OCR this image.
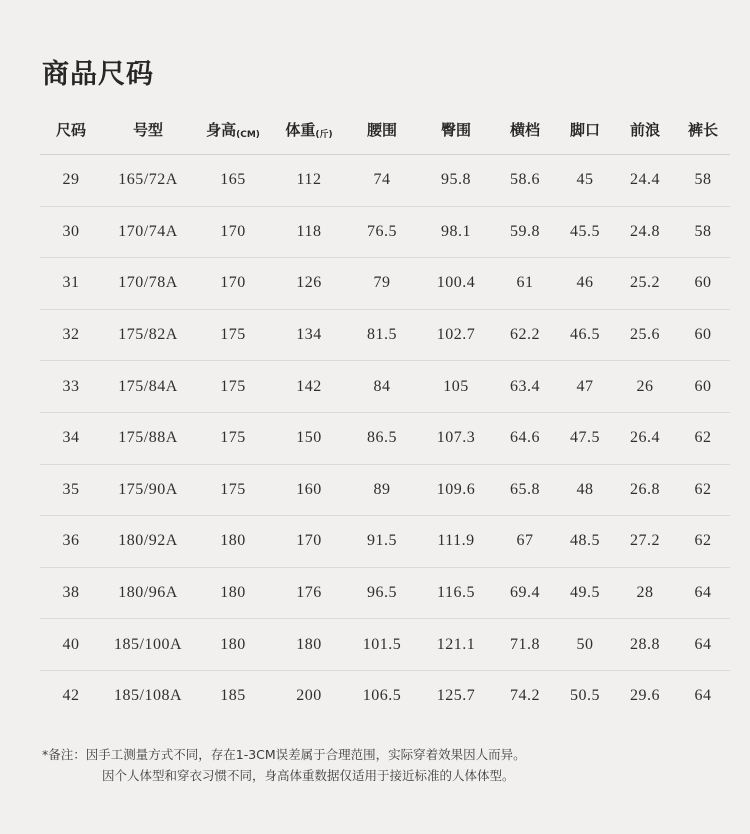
商品尺码
尺码	号型	身高(CM)	体重(斤)	腰围	臀围	横档	脚口	前浪	裤长
29	165/72A	165	112	74	95.8	58.6	45	24.4	58
30	170/74A	170	118	76.5	98.1	59.8	45.5	24.8	58
31	170/78A	170	126	79	100.4	61	46	25.2	60
32	175/82A	175	134	81.5	102.7	62.2	46.5	25.6	60
33	175/84A	175	142	84	105	63.4	47	26	60
34	175/88A	175	150	86.5	107.3	64.6	47.5	26.4	62
35	175/90A	175	160	89	109.6	65.8	48	26.8	62
36	180/92A	180	170	91.5	111.9	67	48.5	27.2	62
38	180/96A	180	176	96.5	116.5	69.4	49.5	28	64
40	185/100A	180	180	101.5	121.1	71.8	50	28.8	64
42	185/108A	185	200	106.5	125.7	74.2	50.5	29.6	64
*备注：因手工测量方式不同，存在1-3CM误差属于合理范围，实际穿着效果因人而异。
因个人体型和穿衣习惯不同，身高体重数据仅适用于接近标准的人体体型。
